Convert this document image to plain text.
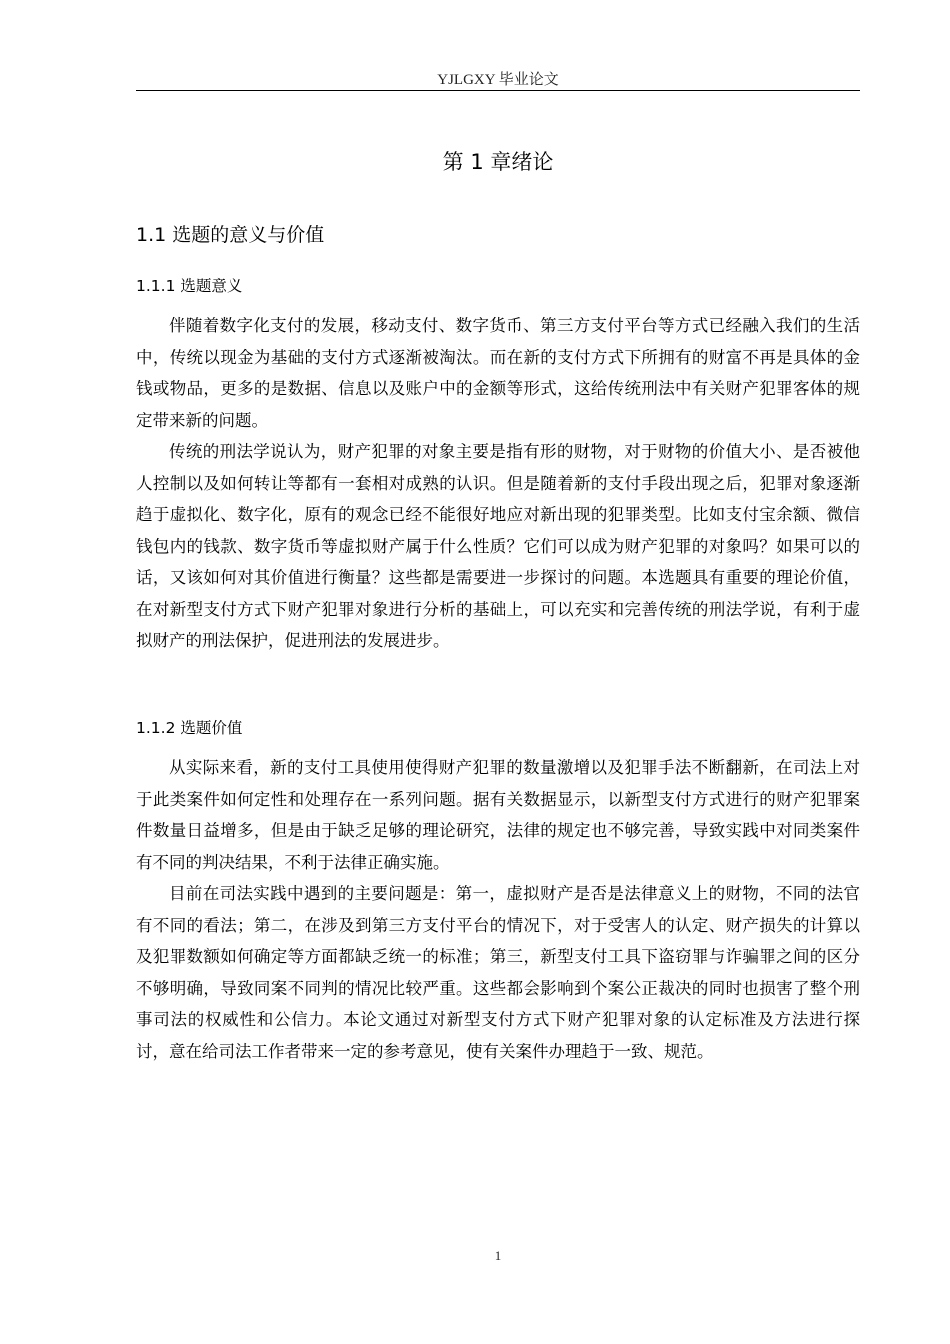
YJLGXY 毕业论文
第 1 章绪论
1.1 选题的意义与价值
1.1.1 选题意义

伴随着数字化支付的发展，移动支付、数字货币、第三方支付平台等方式已经融入我们的生活中，传统以现金为基础的支付方式逐渐被淘汰。而在新的支付方式下所拥有的财富不再是具体的金钱或物品，更多的是数据、信息以及账户中的金额等形式，这给传统刑法中有关财产犯罪客体的规定带来新的问题。

传统的刑法学说认为，财产犯罪的对象主要是指有形的财物，对于财物的价值大小、是否被他人控制以及如何转让等都有一套相对成熟的认识。但是随着新的支付手段出现之后，犯罪对象逐渐趋于虚拟化、数字化，原有的观念已经不能很好地应对新出现的犯罪类型。比如支付宝余额、微信钱包内的钱款、数字货币等虚拟财产属于什么性质？它们可以成为财产犯罪的对象吗？如果可以的话，又该如何对其价值进行衡量？这些都是需要进一步探讨的问题。本选题具有重要的理论价值，在对新型支付方式下财产犯罪对象进行分析的基础上，可以充实和完善传统的刑法学说，有利于虚拟财产的刑法保护，促进刑法的发展进步。

1.1.2 选题价值

从实际来看，新的支付工具使用使得财产犯罪的数量激增以及犯罪手法不断翻新，在司法上对于此类案件如何定性和处理存在一系列问题。据有关数据显示，以新型支付方式进行的财产犯罪案件数量日益增多，但是由于缺乏足够的理论研究，法律的规定也不够完善，导致实践中对同类案件有不同的判决结果，不利于法律正确实施。

目前在司法实践中遇到的主要问题是：第一，虚拟财产是否是法律意义上的财物，不同的法官有不同的看法；第二，在涉及到第三方支付平台的情况下，对于受害人的认定、财产损失的计算以及犯罪数额如何确定等方面都缺乏统一的标准；第三，新型支付工具下盗窃罪与诈骗罪之间的区分不够明确，导致同案不同判的情况比较严重。这些都会影响到个案公正裁决的同时也损害了整个刑事司法的权威性和公信力。本论文通过对新型支付方式下财产犯罪对象的认定标准及方法进行探讨，意在给司法工作者带来一定的参考意见，使有关案件办理趋于一致、规范。

1
